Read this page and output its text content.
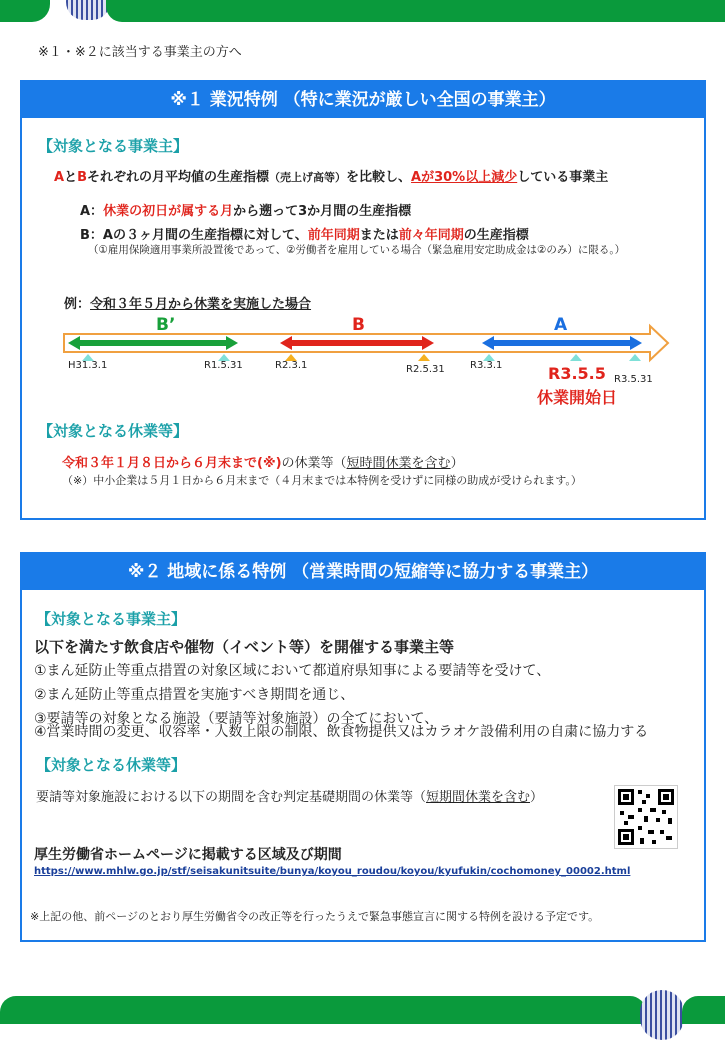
※１・※２に該当する事業主の方へ
※１ 業況特例 （特に業況が厳しい全国の事業主）
【対象となる事業主】
AとBそれぞれの月平均値の生産指標（売上げ高等）を比較し、Aが30%以上減少している事業主
A：休業の初日が属する月から遡って3か月間の生産指標
B：Aの３ヶ月間の生産指標に対して、前年同期または前々年同期の生産指標
（①雇用保険適用事業所設置後であって、②労働者を雇用している場合（緊急雇用安定助成金は②のみ）に限る。）
例：令和３年５月から休業を実施した場合
B’	B	A
H31.3.1	R1.5.31	R2.3.1	R2.5.31	R3.3.1
R3.5.31
R3.5.5
休業開始日
【対象となる休業等】
令和３年１月８日から６月末まで(※)の休業等（短時間休業を含む）
（※）中小企業は５月１日から６月末まで（４月末までは本特例を受けずに同様の助成が受けられます。）
※２ 地域に係る特例 （営業時間の短縮等に協力する事業主）
【対象となる事業主】
以下を満たす飲食店や催物（イベント等）を開催する事業主等
①まん延防止等重点措置の対象区域において都道府県知事による要請等を受けて、
②まん延防止等重点措置を実施すべき期間を通じ、
③要請等の対象となる施設（要請等対象施設）の全てにおいて、
④営業時間の変更、収容率・人数上限の制限、飲食物提供又はカラオケ設備利用の自粛に協力する
【対象となる休業等】
要請等対象施設における以下の期間を含む判定基礎期間の休業等（短期間休業を含む）
厚生労働省ホームページに掲載する区域及び期間
https://www.mhlw.go.jp/stf/seisakunitsuite/bunya/koyou_roudou/koyou/kyufukin/cochomoney_00002.html
※上記の他、前ページのとおり厚生労働省令の改正等を行ったうえで緊急事態宣言に関する特例を設ける予定です。
